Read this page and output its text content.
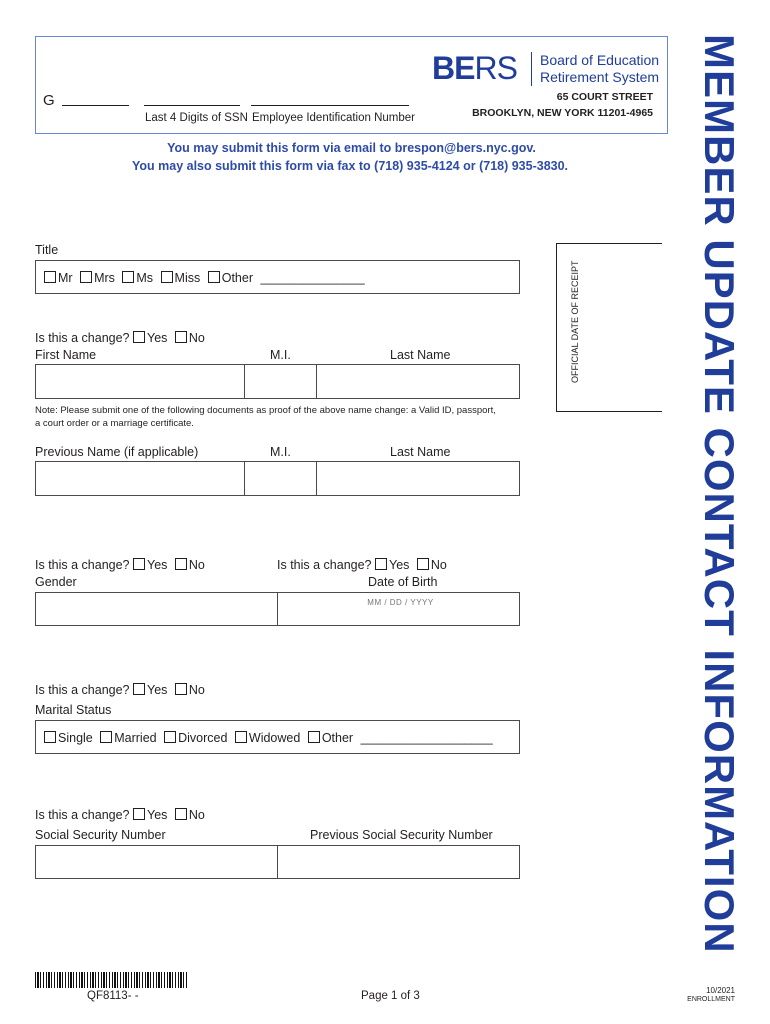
G
Last 4 Digits of SSN Employee Identification Number
BERS Board of Education
Retirement System
65 COURT STREET
BROOKLYN, NEW YORK 11201-4965
You may submit this form via email to brespon@bers.nyc.gov.
You may also submit this form via fax to (718) 935-4124 or (718) 935-3830.
OFFICIAL DATE OF RECEIPT	MEMBER UPDATE CONTACT INFORMATION
Title
Mr Mrs Ms Miss Other _______________
Is this a change? Yes No
First Name	M.I.	Last Name
Note: Please submit one of the following documents as proof of the above name change: a Valid ID, passport,
a court order or a marriage certificate.
Previous Name (if applicable)	M.I.	Last Name
Is this a change? Yes No	Is this a change? Yes No
Gender	Date of Birth
MM / DD / YYYY
Is this a change? Yes No
Marital Status
Single Married Divorced Widowed Other ___________________
Is this a change? Yes No
Social Security Number	Previous Social Security Number
QF8113- -	Page 1 of 3	10/2021
ENROLLMENT
